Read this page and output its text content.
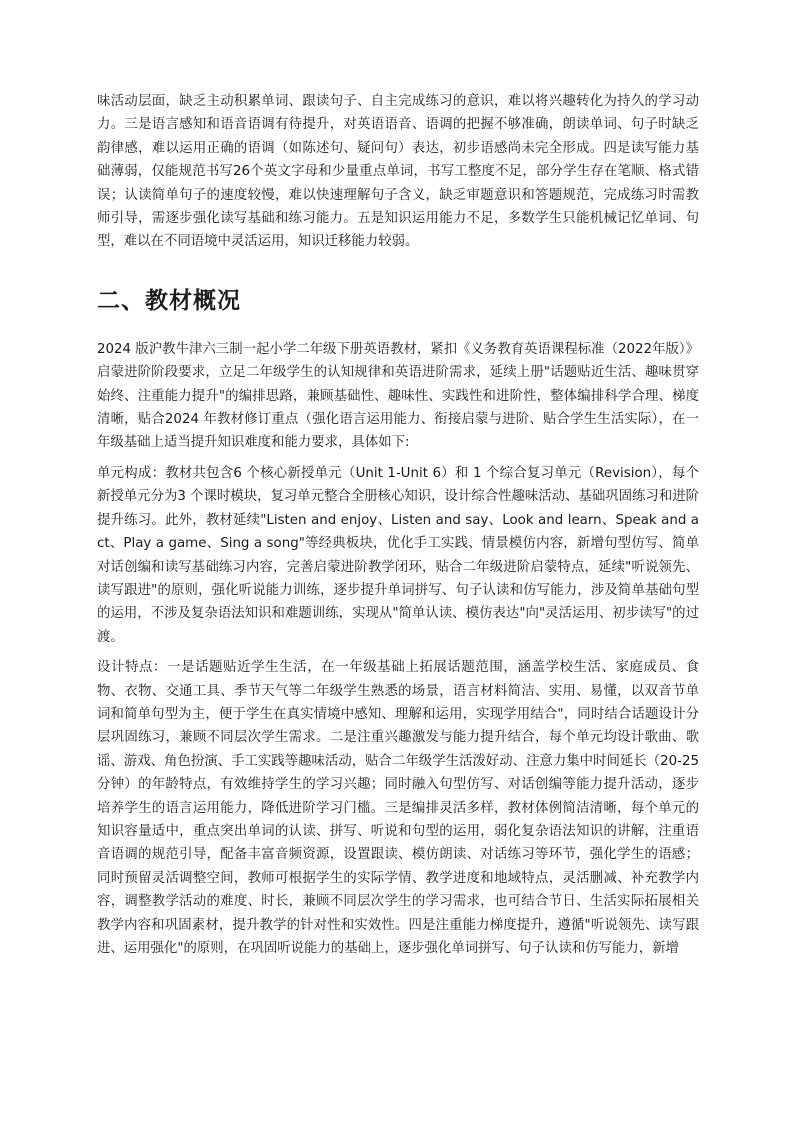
味活动层面，缺乏主动积累单词、跟读句子、自主完成练习的意识，难以将兴趣转化为持久的学习动力。三是语言感知和语音语调有待提升，对英语语音、语调的把握不够准确，朗读单词、句子时缺乏韵律感，难以运用正确的语调（如陈述句、疑问句）表达，初步语感尚未完全形成。四是读写能力基础薄弱，仅能规范书写26个英文字母和少量重点单词，书写工整度不足，部分学生存在笔顺、格式错误；认读简单句子的速度较慢，难以快速理解句子含义，缺乏审题意识和答题规范，完成练习时需教师引导，需逐步强化读写基础和练习能力。五是知识运用能力不足，多数学生只能机械记忆单词、句型，难以在不同语境中灵活运用，知识迁移能力较弱。

二、教材概况

2024 版沪教牛津六三制一起小学二年级下册英语教材，紧扣《义务教育英语课程标准（2022年版）》启蒙进阶阶段要求，立足二年级学生的认知规律和英语进阶需求，延续上册"话题贴近生活、趣味贯穿始终、注重能力提升"的编排思路，兼顾基础性、趣味性、实践性和进阶性，整体编排科学合理、梯度清晰，贴合2024 年教材修订重点（强化语言运用能力、衔接启蒙与进阶、贴合学生生活实际），在一年级基础上适当提升知识难度和能力要求，具体如下:

单元构成：教材共包含6 个核心新授单元（Unit 1-Unit 6）和 1 个综合复习单元（Revision），每个新授单元分为3 个课时模块，复习单元整合全册核心知识，设计综合性趣味活动、基础巩固练习和进阶提升练习。此外，教材延续"Listen and enjoy、Listen and say、Look and learn、Speak and act、Play a game、Sing a song"等经典板块，优化手工实践、情景模仿内容，新增句型仿写、简单对话创编和读写基础练习内容，完善启蒙进阶教学闭环，贴合二年级进阶启蒙特点，延续"听说领先、读写跟进"的原则，强化听说能力训练，逐步提升单词拼写、句子认读和仿写能力，涉及简单基础句型的运用，不涉及复杂语法知识和难题训练，实现从"简单认读、模仿表达"向"灵活运用、初步读写"的过渡。

设计特点：一是话题贴近学生生活，在一年级基础上拓展话题范围，涵盖学校生活、家庭成员、食物、衣物、交通工具、季节天气等二年级学生熟悉的场景，语言材料简洁、实用、易懂，以双音节单词和简单句型为主，便于学生在真实情境中感知、理解和运用，实现学用结合"，同时结合话题设计分层巩固练习，兼顾不同层次学生需求。二是注重兴趣激发与能力提升结合，每个单元均设计歌曲、歌谣、游戏、角色扮演、手工实践等趣味活动，贴合二年级学生活泼好动、注意力集中时间延长（20-25 分钟）的年龄特点，有效维持学生的学习兴趣；同时融入句型仿写、对话创编等能力提升活动，逐步培养学生的语言运用能力，降低进阶学习门槛。三是编排灵活多样，教材体例简洁清晰，每个单元的知识容量适中，重点突出单词的认读、拼写、听说和句型的运用，弱化复杂语法知识的讲解，注重语音语调的规范引导，配备丰富音频资源，设置跟读、模仿朗读、对话练习等环节，强化学生的语感；同时预留灵活调整空间，教师可根据学生的实际学情、教学进度和地域特点，灵活删减、补充教学内容，调整教学活动的难度、时长，兼顾不同层次学生的学习需求，也可结合节日、生活实际拓展相关教学内容和巩固素材，提升教学的针对性和实效性。四是注重能力梯度提升，遵循"听说领先、读写跟进、运用强化"的原则，在巩固听说能力的基础上，逐步强化单词拼写、句子认读和仿写能力，新增
